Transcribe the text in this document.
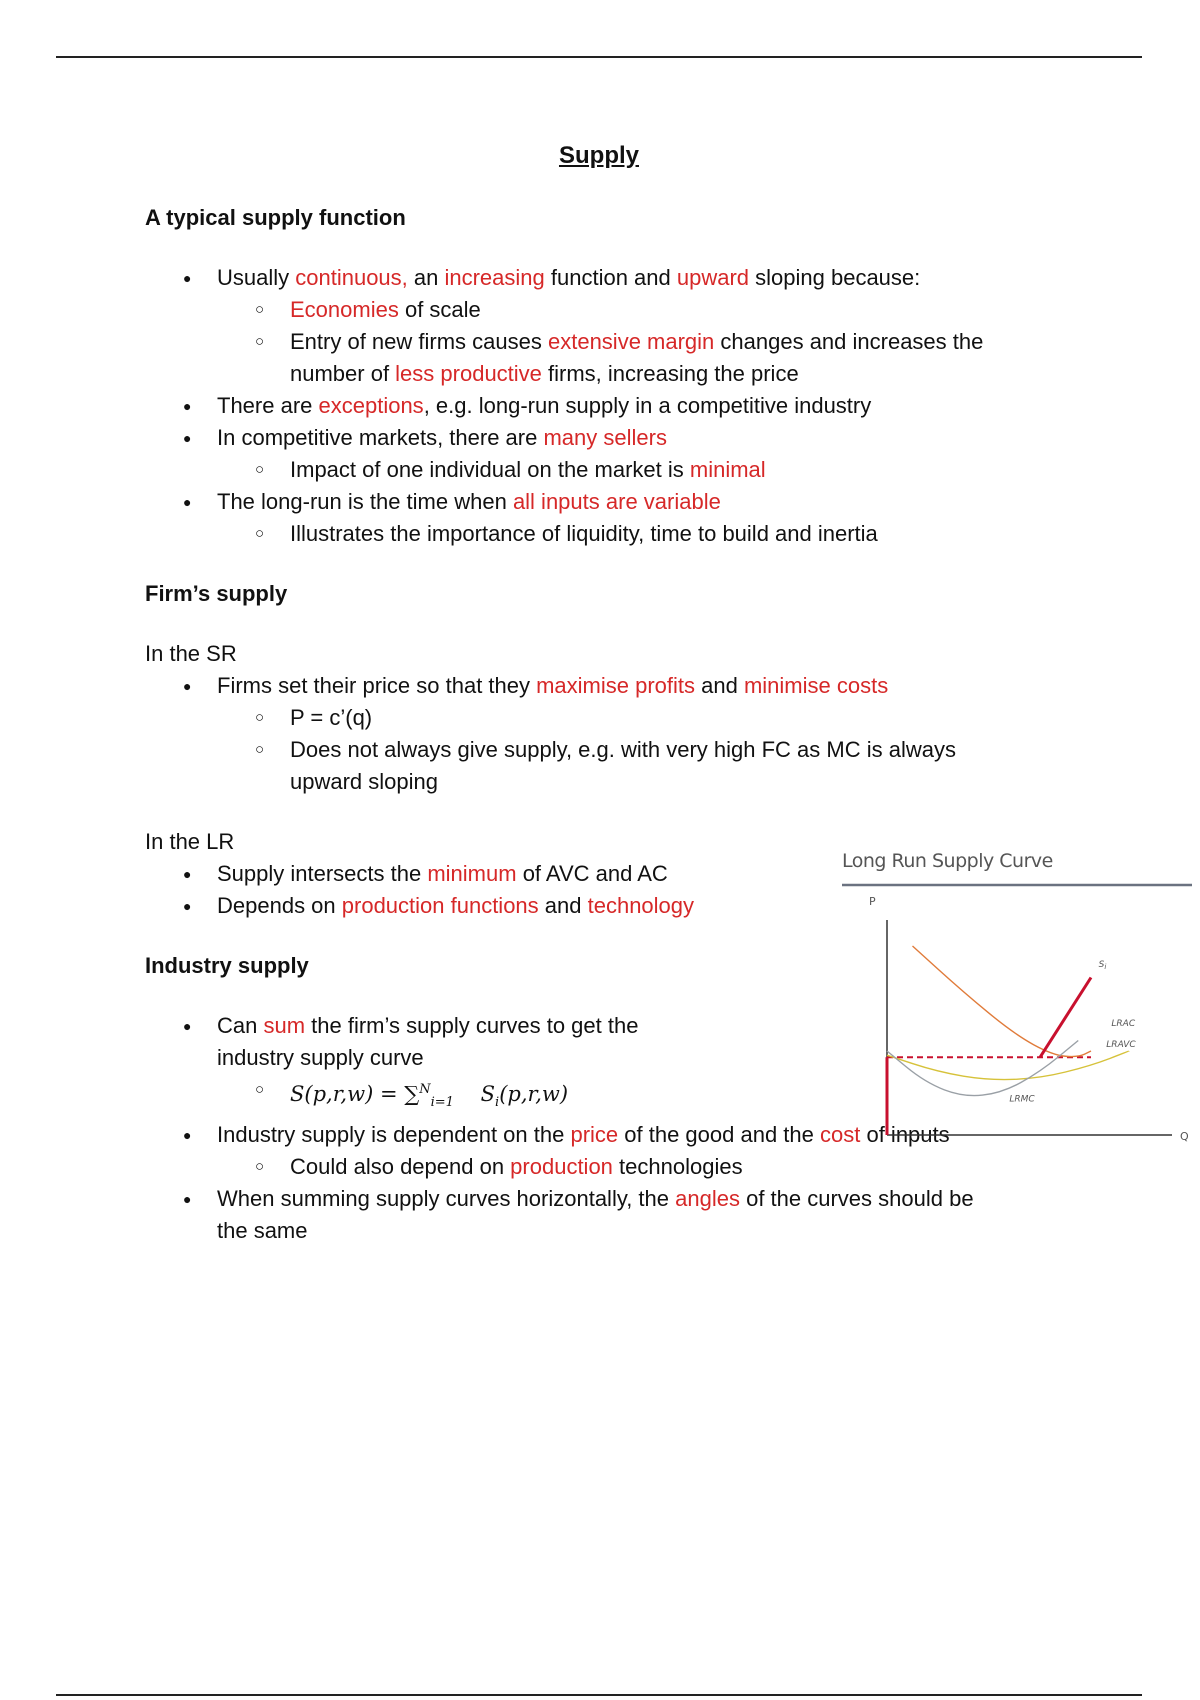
Supply
A typical supply function
● Usually continuous, an increasing function and upward sloping because:
○ Economies of scale
○ Entry of new firms causes extensive margin changes and increases the number of less productive firms, increasing the price
● There are exceptions, e.g. long-run supply in a competitive industry
● In competitive markets, there are many sellers
○ Impact of one individual on the market is minimal
● The long-run is the time when all inputs are variable
○ Illustrates the importance of liquidity, time to build and inertia
Firm’s supply

In the SR

● Firms set their price so that they maximise profits and minimise costs
○ P = c’(q)
○ Does not always give supply, e.g. with very high FC as MC is always upward sloping

In the LR

● Supply intersects the minimum of AVC and AC
● Depends on production functions and technology
Industry supply
● Can sum the firm’s supply curves to get the industry supply curve
○ S(p,r,w) = ∑$^N_{i=1}$ $S_i(p,r,w)$
● Industry supply is dependent on the price of the good and the cost of inputs
○ Could also depend on production technologies
● When summing supply curves horizontally, the angles of the curves should be the same
Long Run Supply Curve
P
Q
$S_i$
LRAC
LRAVC
LRMC
